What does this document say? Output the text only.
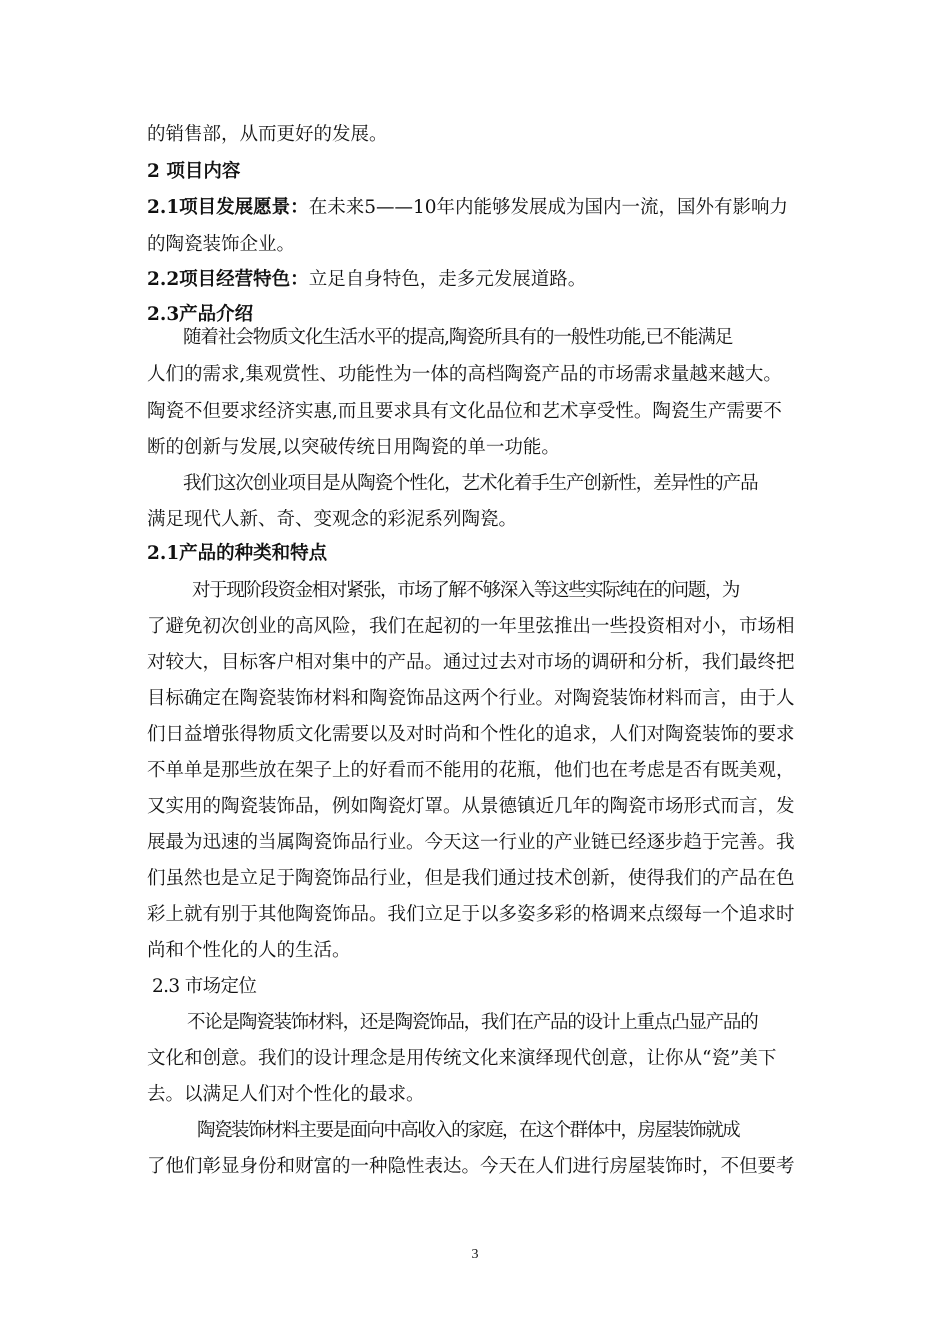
的销售部，从而更好的发展。
2 项目内容
2.1项目发展愿景：在未来5——10年内能够发展成为国内一流，国外有影响力
的陶瓷装饰企业。
2.2项目经营特色：立足自身特色，走多元发展道路。
2.3产品介绍
随着社会物质文化生活水平的提高,陶瓷所具有的一般性功能,已不能满足
人们的需求,集观赏性、功能性为一体的高档陶瓷产品的市场需求量越来越大。
陶瓷不但要求经济实惠,而且要求具有文化品位和艺术享受性。陶瓷生产需要不
断的创新与发展,以突破传统日用陶瓷的单一功能。
我们这次创业项目是从陶瓷个性化，艺术化着手生产创新性，差异性的产品
满足现代人新、奇、变观念的彩泥系列陶瓷。
2.1产品的种类和特点
对于现阶段资金相对紧张，市场了解不够深入等这些实际纯在的问题，为
了避免初次创业的高风险，我们在起初的一年里弦推出一些投资相对小，市场相
对较大，目标客户相对集中的产品。通过过去对市场的调研和分析，我们最终把
目标确定在陶瓷装饰材料和陶瓷饰品这两个行业。对陶瓷装饰材料而言，由于人
们日益增张得物质文化需要以及对时尚和个性化的追求，人们对陶瓷装饰的要求
不单单是那些放在架子上的好看而不能用的花瓶，他们也在考虑是否有既美观，
又实用的陶瓷装饰品，例如陶瓷灯罩。从景德镇近几年的陶瓷市场形式而言，发
展最为迅速的当属陶瓷饰品行业。今天这一行业的产业链已经逐步趋于完善。我
们虽然也是立足于陶瓷饰品行业，但是我们通过技术创新，使得我们的产品在色
彩上就有别于其他陶瓷饰品。我们立足于以多姿多彩的格调来点缀每一个追求时
尚和个性化的人的生活。
2.3 市场定位
不论是陶瓷装饰材料，还是陶瓷饰品，我们在产品的设计上重点凸显产品的
文化和创意。我们的设计理念是用传统文化来演绎现代创意，让你从“瓷”美下
去。以满足人们对个性化的最求。
陶瓷装饰材料主要是面向中高收入的家庭，在这个群体中，房屋装饰就成
了他们彰显身份和财富的一种隐性表达。今天在人们进行房屋装饰时，不但要考
3
